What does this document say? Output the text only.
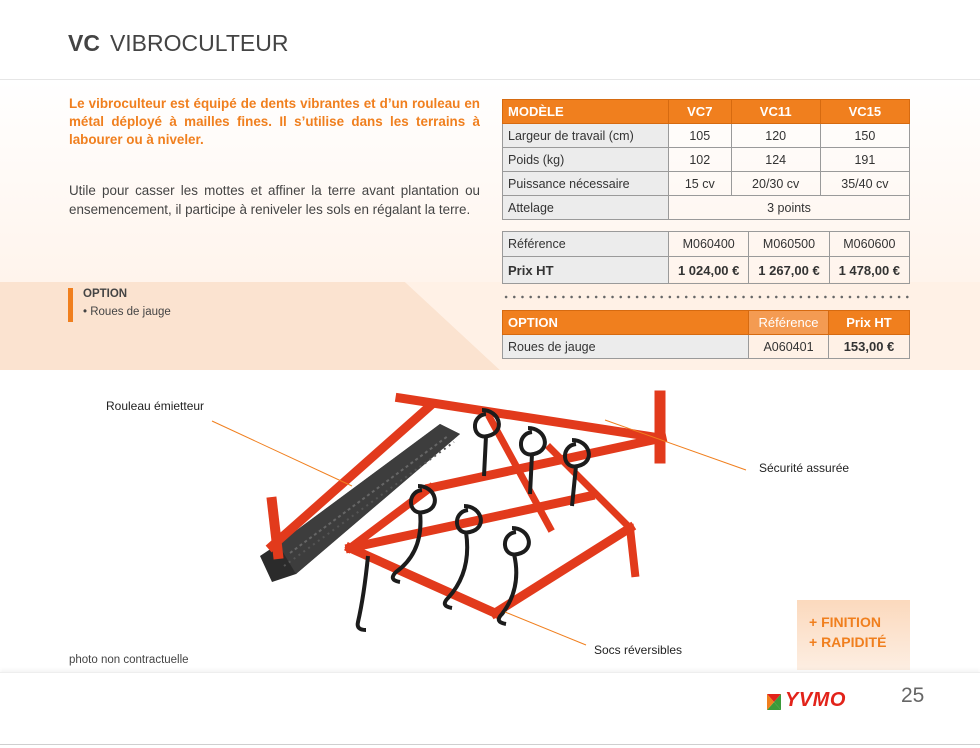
VC VIBROCULTEUR

Le vibroculteur est équipé de dents vibrantes et d’un rouleau en métal déployé à mailles fines. Il s’utilise dans les terrains à labourer ou à niveler.

Utile pour casser les mottes et affiner la terre avant plantation ou ensemencement, il participe à reniveler les sols en régalant la terre.

OPTION
• Roues de jauge
MODÈLE	VC7	VC11	VC15
Largeur de travail (cm)	105	120	150
Poids (kg)	102	124	191
Puissance nécessaire	15 cv	20/30 cv	35/40 cv
Attelage	3 points		
Référence	M060400	M060500	M060600
Prix HT	1 024,00 €	1 267,00 €	1 478,00 €
OPTION	Référence	Prix HT
Roues de jauge	A060401	153,00 €
Rouleau émietteur
Sécurité assurée
Socs réversibles
photo non contractuelle
+ FINITION
+ RAPIDITÉ
YVMO	25
